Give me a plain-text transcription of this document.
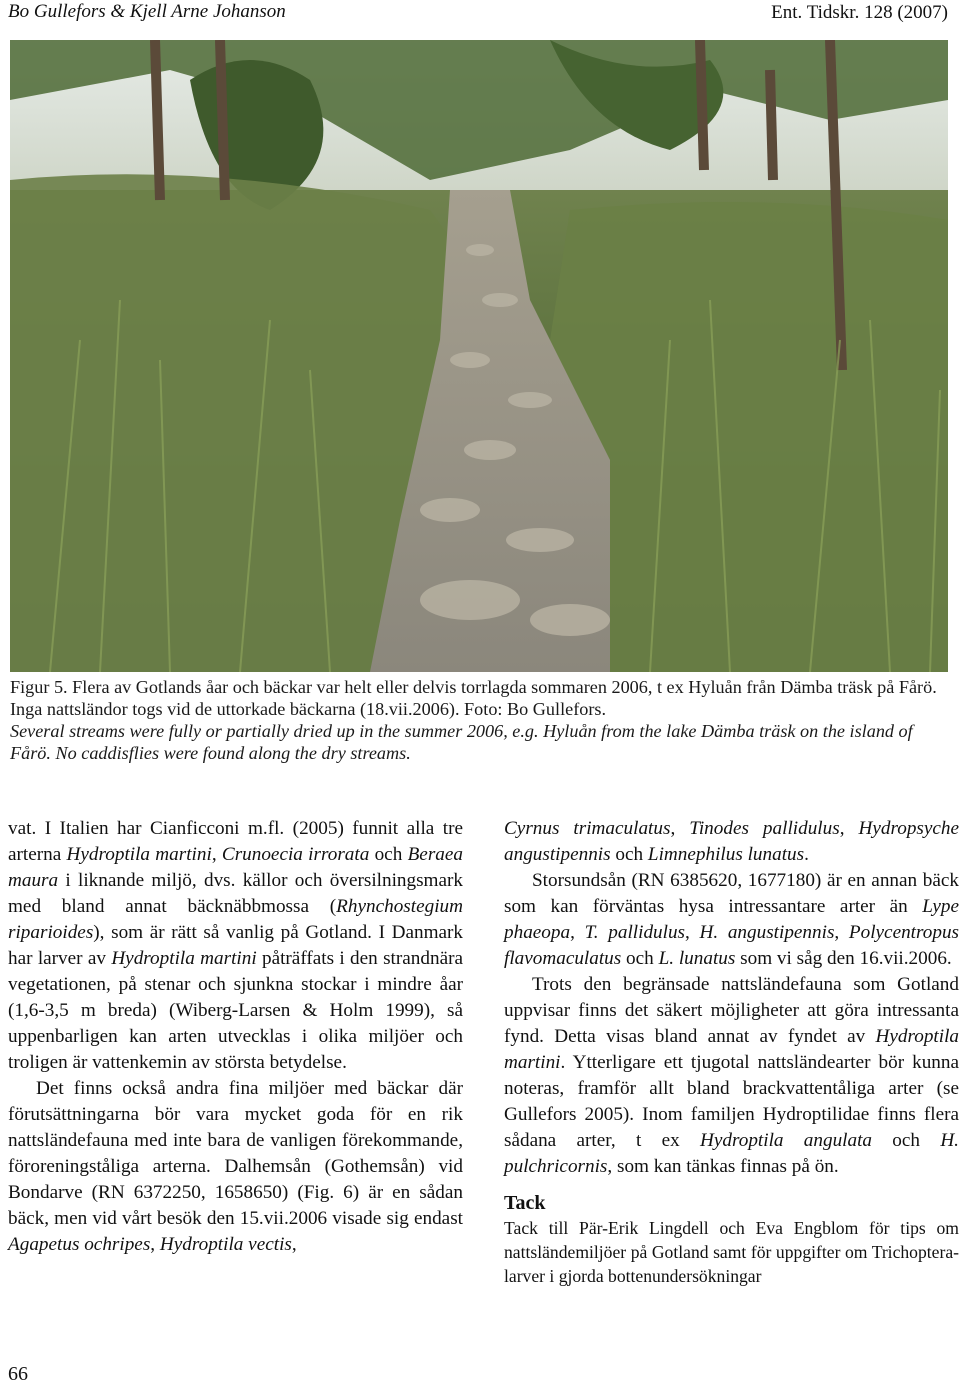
Bo Gullefors & Kjell Arne Johanson	Ent. Tidskr. 128 (2007)

Figur 5. Flera av Gotlands åar och bäckar var helt eller delvis torrlagda sommaren 2006, t ex Hyluån från Dämba träsk på Fårö. Inga nattsländor togs vid de uttorkade bäckarna (18.vii.2006). Foto: Bo Gullefors.

Several streams were fully or partially dried up in the summer 2006, e.g. Hyluån from the lake Dämba träsk on the island of Fårö. No caddisflies were found along the dry streams.

vat. I Italien har Cianficconi m.fl. (2005) funnit alla tre arterna Hydroptila martini, Crunoecia irrorata och Beraea maura i liknande miljö, dvs. källor och översilningsmark med bland annat bäcknäbbmossa (Rhynchostegium riparioides), som är rätt så vanlig på Gotland. I Danmark har larver av Hydroptila martini påträffats i den strandnära vegetationen, på stenar och sjunkna stockar i mindre åar (1,6-3,5 m breda) (Wiberg-Larsen & Holm 1999), så uppenbarligen kan arten utvecklas i olika miljöer och troligen är vattenkemin av största betydelse.

Det finns också andra fina miljöer med bäckar där förutsättningarna bör vara mycket goda för en rik nattsländefauna med inte bara de vanligen förekommande, föroreningståliga arterna. Dalhemsån (Gothemsån) vid Bondarve (RN 6372250, 1658650) (Fig. 6) är en sådan bäck, men vid vårt besök den 15.vii.2006 visade sig endast Agapetus ochripes, Hydroptila vectis,

Cyrnus trimaculatus, Tinodes pallidulus, Hydropsyche angustipennis och Limnephilus lunatus.

Storsundsån (RN 6385620, 1677180) är en annan bäck som kan förväntas hysa intressantare arter än Lype phaeopa, T. pallidulus, H. angustipennis, Polycentropus flavomaculatus och L. lunatus som vi såg den 16.vii.2006.

Trots den begränsade nattsländefauna som Gotland uppvisar finns det säkert möjligheter att göra intressanta fynd. Detta visas bland annat av fyndet av Hydroptila martini. Ytterligare ett tjugotal nattsländearter bör kunna noteras, framför allt bland brackvattentåliga arter (se Gullefors 2005). Inom familjen Hydroptilidae finns flera sådana arter, t ex Hydroptila angulata och H. pulchricornis, som kan tänkas finnas på ön.

Tack

Tack till Pär-Erik Lingdell och Eva Engblom för tips om nattsländemiljöer på Gotland samt för uppgifter om Trichoptera-larver i gjorda bottenundersökningar

66
